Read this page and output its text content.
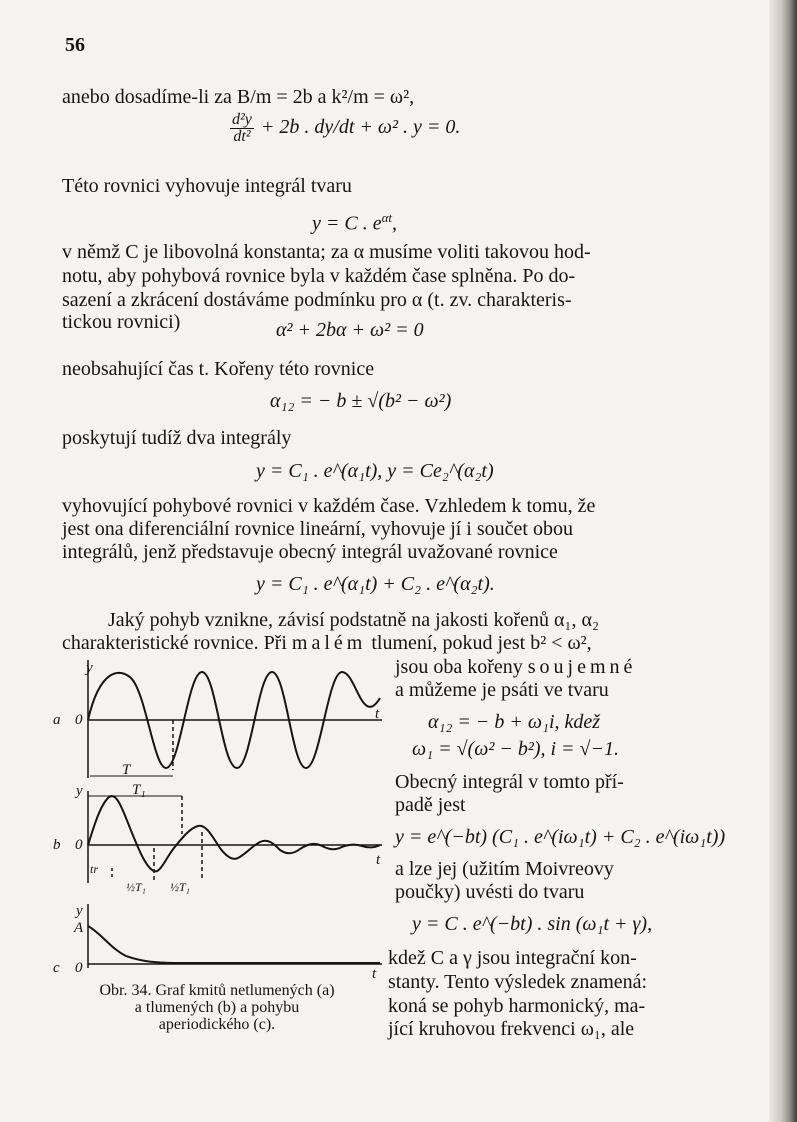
56
anebo dosadíme-li za B/m = 2b a k²/m = ω²,
$\frac{\text{d²y}}{\text{dt²}} + 2b$ . dy/dt + ω² . y = 0.
Této rovnici vyhovuje integrál tvaru
y = C . $e^{\alpha t}$,
v němž C je libovolná konstanta; za α musíme voliti takovou hod-
notu, aby pohybová rovnice byla v každém čase splněna. Po do-
sazení a zkrácení dostáváme podmínku pro α (t. zv. charakteris-
tickou rovnici)	α² + 2bα + ω² = 0
neobsahující čas t. Kořeny této rovnice
α₁₂ = − b ± √(b² − ω²)
poskytují tudíž dva integrály
y = C₁ . e^(α₁t), y = Ce₂^(α₂t)
vyhovující pohybové rovnici v každém čase. Vzhledem k tomu, že
jest ona diferenciální rovnice lineární, vyhovuje jí i součet obou
integrálů, jenž představuje obecný integrál uvažované rovnice
y = C₁ . e^(α₁t) + C₂ . e^(α₂t).
Jaký pohyb vznikne, závisí podstatně na jakosti kořenů α₁, α₂
charakteristické rovnice. Při malém tlumení, pokud jest b² < ω²,
jsou oba kořeny soujemné
a můžeme je psáti ve tvaru
α₁₂ = − b + ω₁i, kdež
ω₁ = √(ω² − b²), i = √−1.
Obecný integrál v tomto pří-
padě jest
y = e^(−bt) (C₁ . e^(iω₁t) + C₂ . e^(iω₁t))
a lze jej (užitím Moivreovy
poučky) uvésti do tvaru
y = C . e^(−bt) . sin (ω₁t + γ),
kdež C a γ jsou integrační kon-
stanty. Tento výsledek znamená:
koná se pohyb harmonický, ma-
jící kruhovou frekvenci ω₁, ale
a 0
y
t
T
y	T₁
b 0
t
tr
½T₁ ½T₁
y
A
c 0	t
Obr. 34. Graf kmitů netlumených (a)
a tlumených (b) a pohybu
aperiodického (c).
